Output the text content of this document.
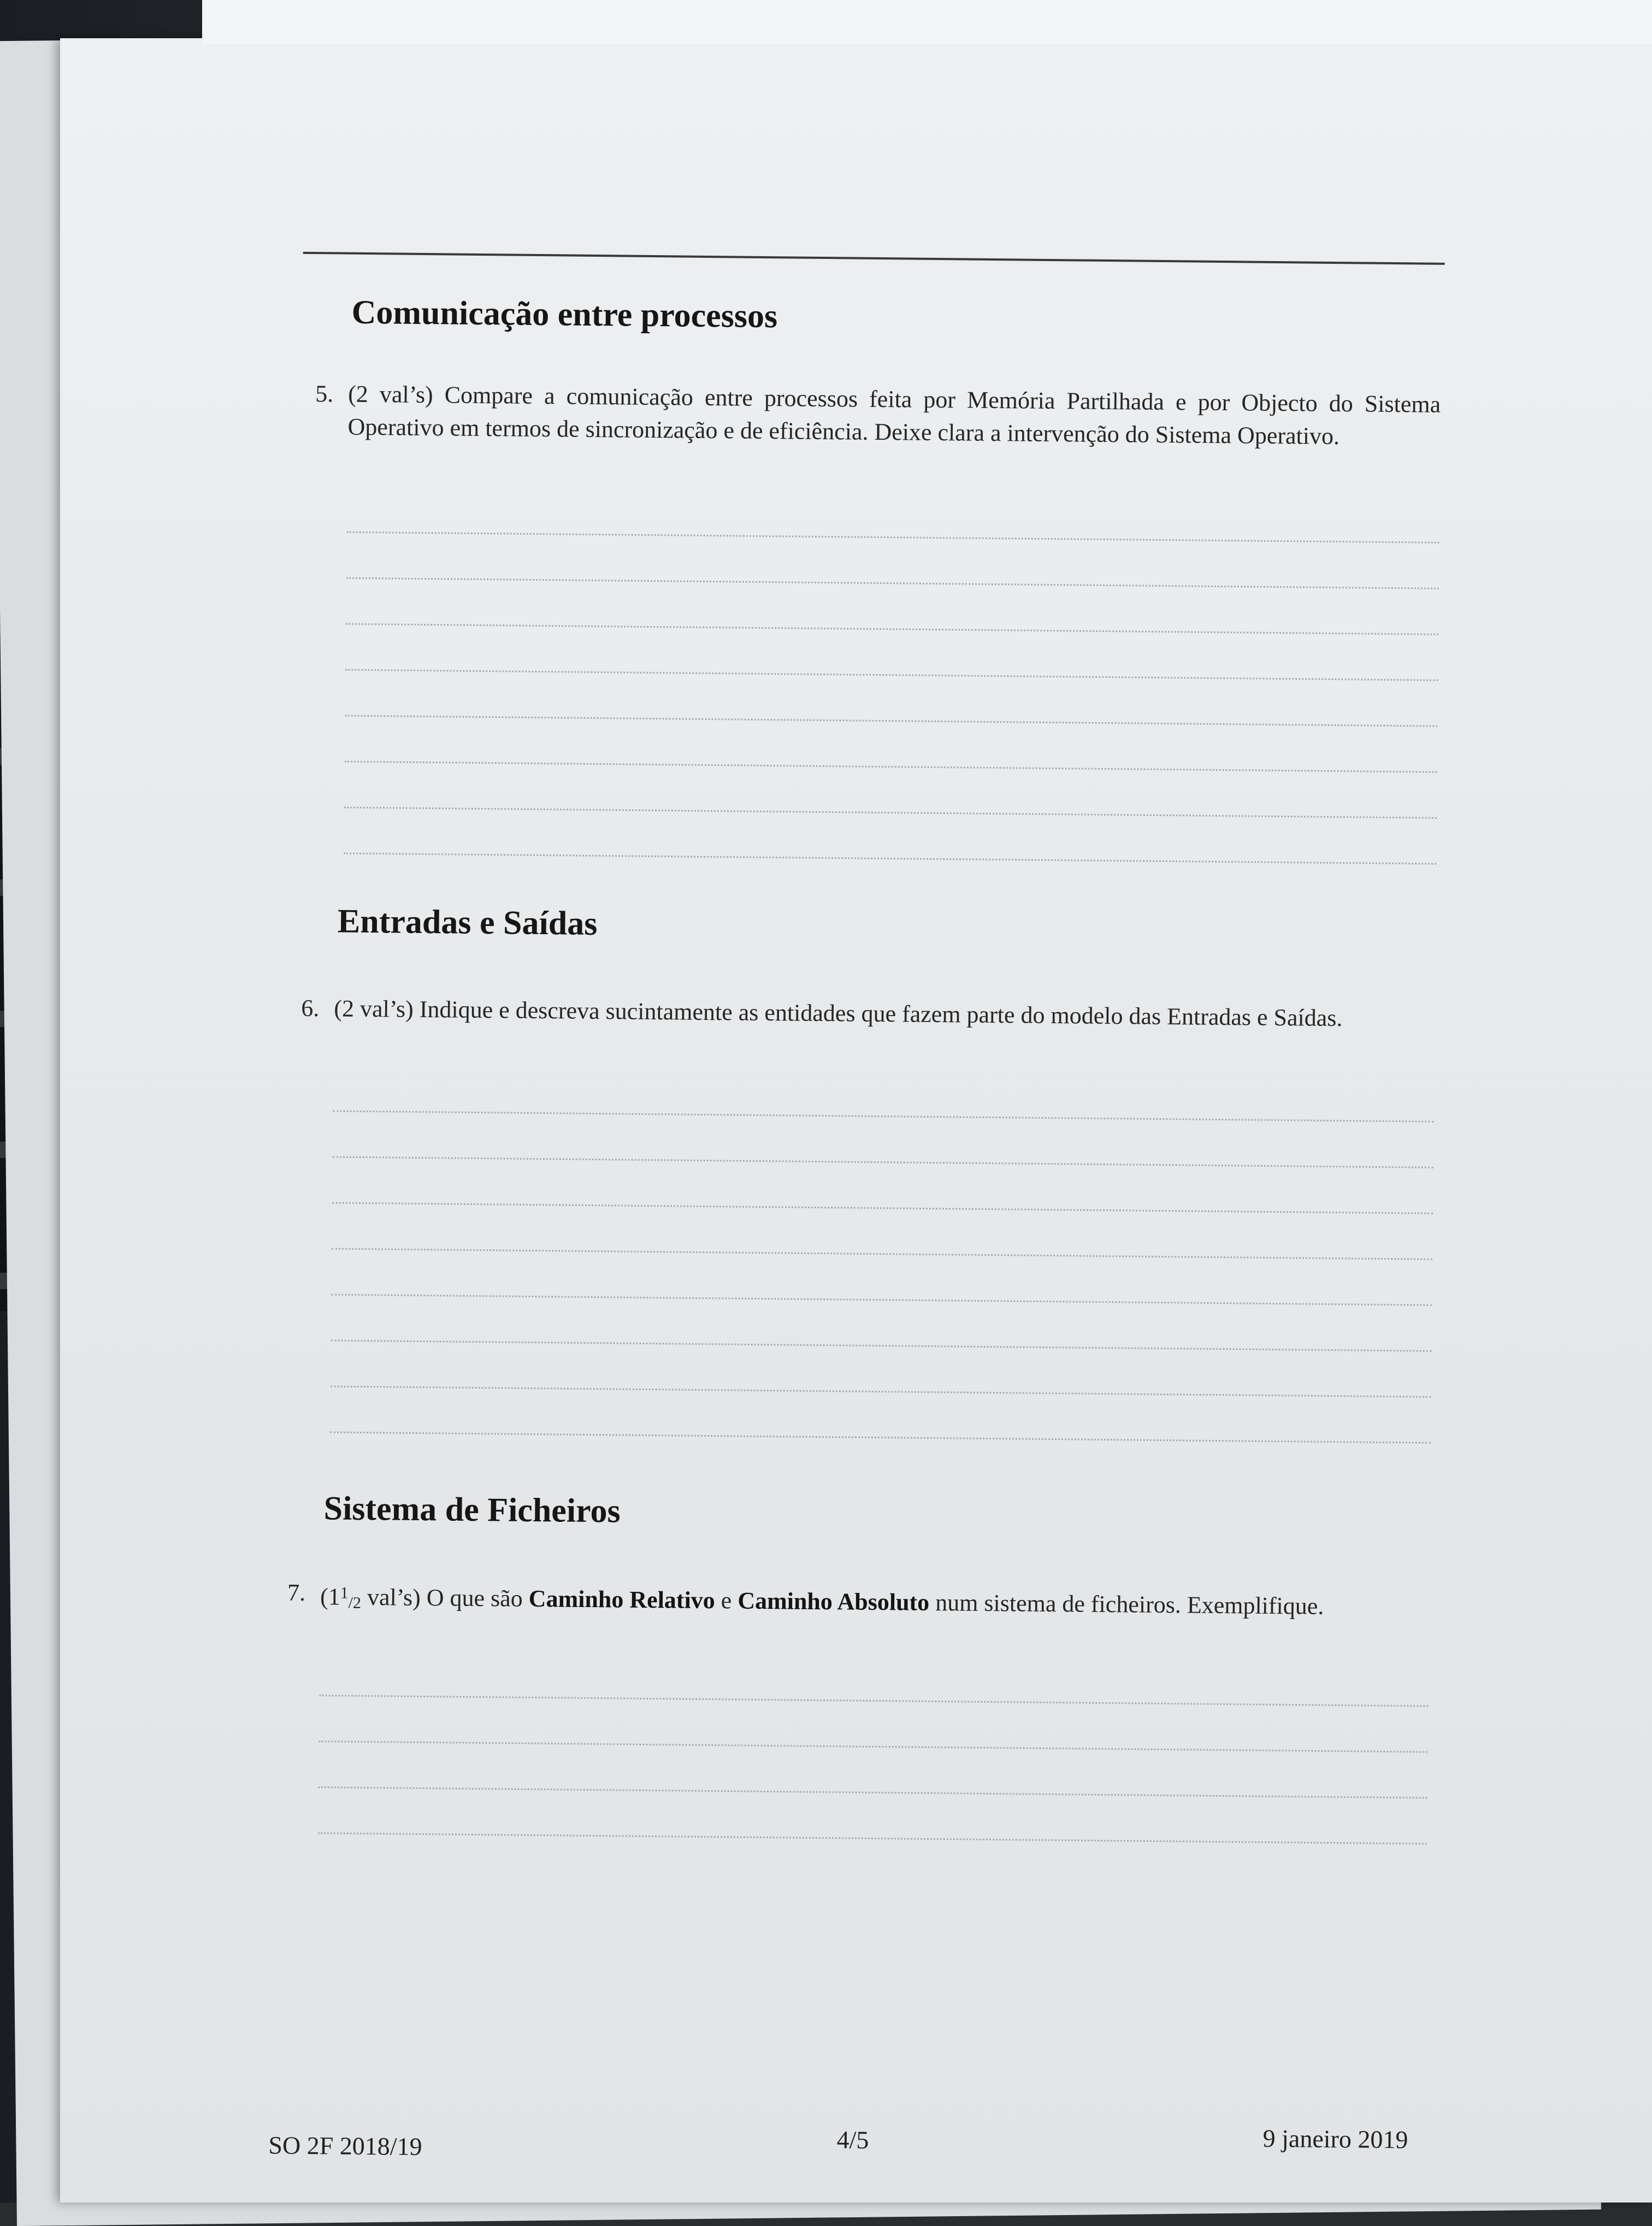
Comunicação entre processos
5. (2 val’s) Compare a comunicação entre processos feita por Memória Partilhada e por Objecto do Sistema Operativo em termos de sincronização e de eficiência. Deixe clara a intervenção do Sistema Operativo.
Entradas e Saídas
6. (2 val’s) Indique e descreva sucintamente as entidades que fazem parte do modelo das Entradas e Saídas.
Sistema de Ficheiros
7. ($1^1/2$ val’s) O que são Caminho Relativo e Caminho Absoluto num sistema de ficheiros. Exemplifique.
SO 2F 2018/19	4/5	9 janeiro 2019
